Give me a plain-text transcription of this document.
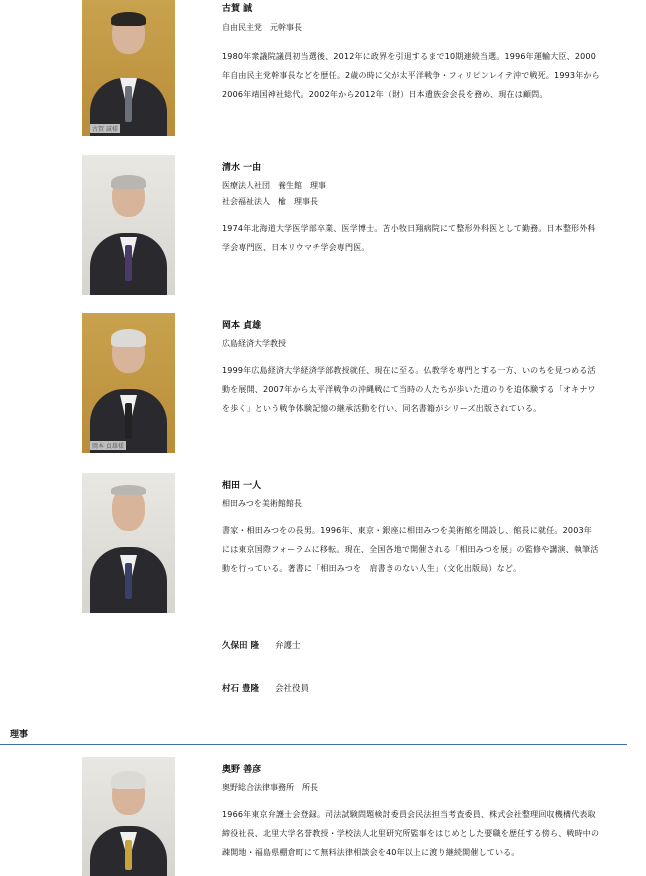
古賀 誠様

古賀 誠

自由民主党　元幹事長

1980年衆議院議員初当選後、2012年に政界を引退するまで10期連続当選。1996年運輸大臣、2000年自由民主党幹事長などを歴任。2歳の時に父が太平洋戦争・フィリピンレイテ沖で戦死。1993年から2006年靖国神社総代。2002年から2012年（財）日本遺族会会長を務め、現在は顧問。

清水 一由

医療法人社団　養生館　理事

社会福祉法人　楡　理事長

1974年北海道大学医学部卒業、医学博士。苫小牧日翔病院にて整形外科医として勤務。日本整形外科学会専門医、日本リウマチ学会専門医。

岡本 貞雄様

岡本 貞雄

広島経済大学教授

1999年広島経済大学経済学部教授就任、現在に至る。仏教学を専門とする一方、いのちを見つめる活動を展開、2007年から太平洋戦争の沖縄戦にて当時の人たちが歩いた道のりを追体験する「オキナワを歩く」という戦争体験記憶の継承活動を行い、同名書籍がシリーズ出版されている。

相田 一人

相田みつを美術館館長

書家・相田みつをの長男。1996年、東京・銀座に相田みつを美術館を開設し、館長に就任。2003年には東京国際フォーラムに移転。現在、全国各地で開催される「相田みつを展」の監修や講演、執筆活動を行っている。著書に「相田みつを　肩書きのない人生」（文化出版局）など。

久保田 隆 弁護士
村石 豊隆 会社役員
理事

奥野 善彦

奥野総合法律事務所　所長

1966年東京弁護士会登録。司法試験問題検討委員会民法担当考査委員、株式会社整理回収機構代表取締役社長、北里大学名誉教授・学校法人北里研究所監事をはじめとした要職を歴任する傍ら、戦時中の疎開地・福島県棚倉町にて無料法律相談会を40年以上に渡り継続開催している。
